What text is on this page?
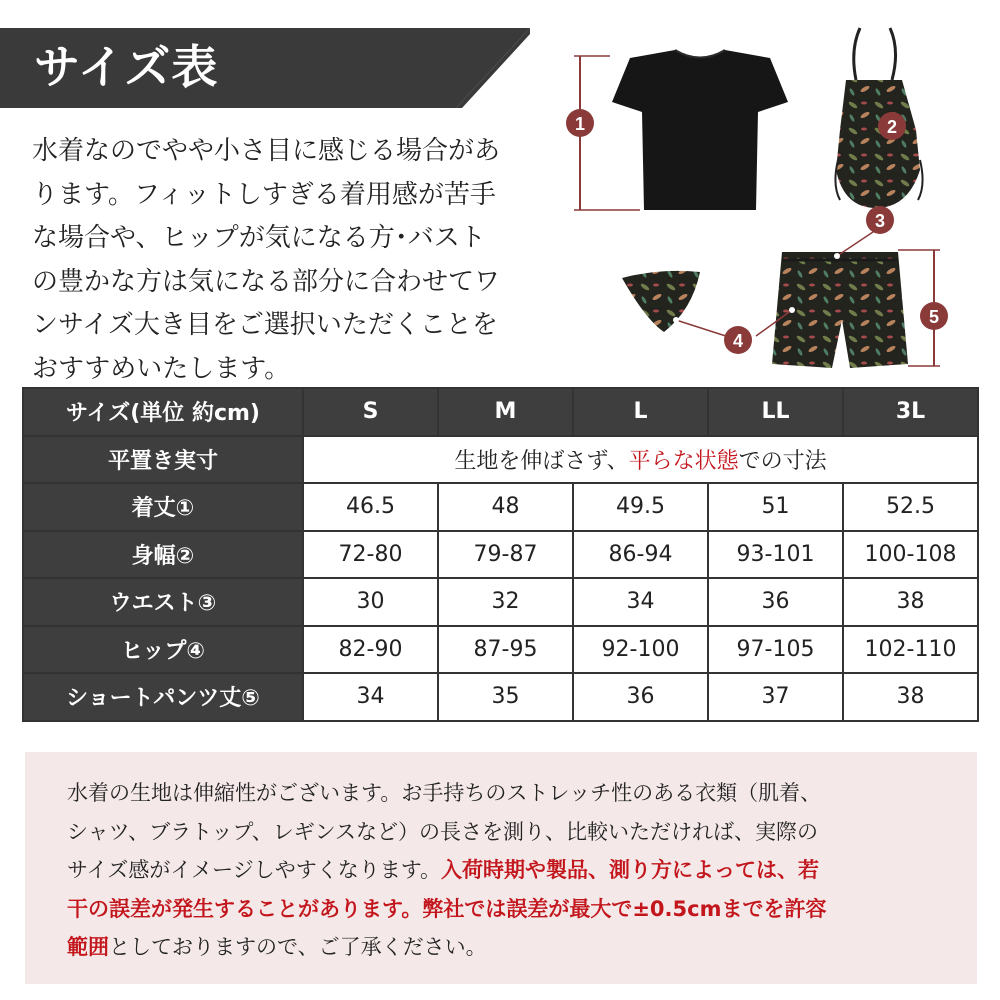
サイズ表
水着なのでやや小さ目に感じる場合があ
ります。フィットしすぎる着用感が苦手
な場合や、ヒップが気になる方･バスト
の豊かな方は気になる部分に合わせてワ
ンサイズ大き目をご選択いただくことを
おすすめいたします。
1	2
3
4
5
サイズ(単位 約cm)	S	M	L	LL	3L
平置き実寸	生地を伸ばさず、平らな状態での寸法				
着丈①	46.5	48	49.5	51	52.5
身幅②	72-80	79-87	86-94	93-101	100-108
ウエスト③	30	32	34	36	38
ヒップ④	82-90	87-95	92-100	97-105	102-110
ショートパンツ丈⑤	34	35	36	37	38
水着の生地は伸縮性がございます。お手持ちのストレッチ性のある衣類（肌着、
シャツ、ブラトップ、レギンスなど）の長さを測り、比較いただければ、実際の
サイズ感がイメージしやすくなります。入荷時期や製品、測り方によっては、若
干の誤差が発生することがあります。弊社では誤差が最大で±0.5cmまでを許容
範囲としておりますので、ご了承ください。
